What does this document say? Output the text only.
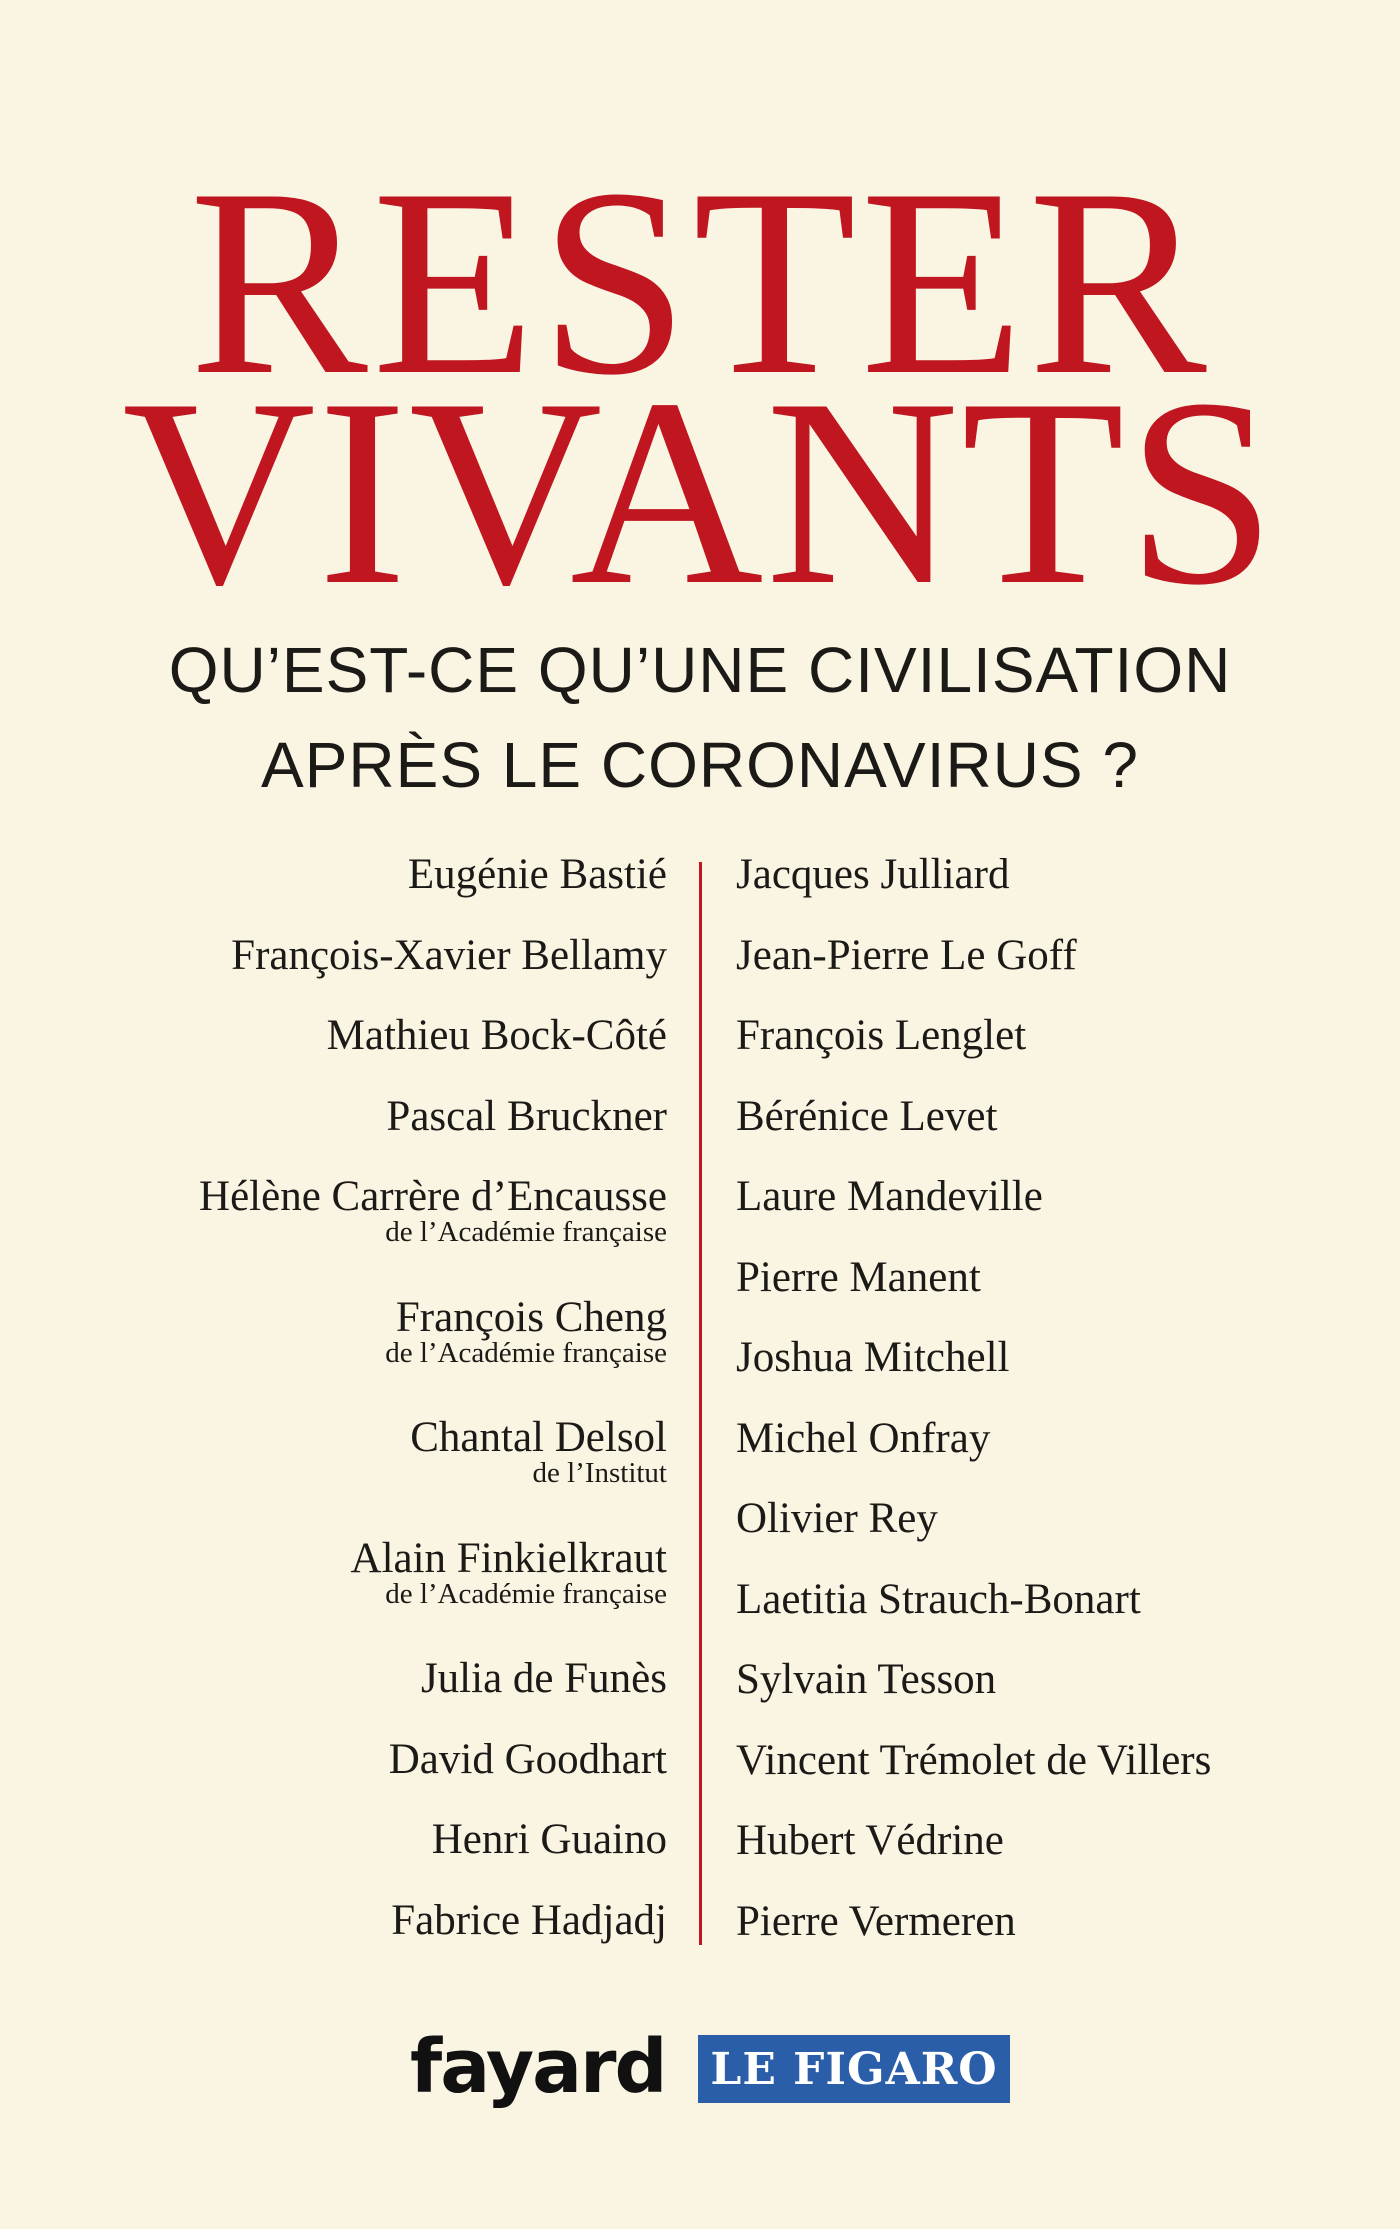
RESTER
VIVANTS
QU’EST-CE QU’UNE CIVILISATION
APRÈS LE CORONAVIRUS ?
Eugénie Bastié
François-Xavier Bellamy
Mathieu Bock-Côté
Pascal Bruckner
Hélène Carrère d’Encausse
de l’Académie française
François Cheng
de l’Académie française
Chantal Delsol
de l’Institut
Alain Finkielkraut
de l’Académie française
Julia de Funès
David Goodhart
Henri Guaino
Fabrice Hadjadj
Jacques Julliard
Jean-Pierre Le Goff
François Lenglet
Bérénice Levet
Laure Mandeville
Pierre Manent
Joshua Mitchell
Michel Onfray
Olivier Rey
Laetitia Strauch-Bonart
Sylvain Tesson
Vincent Trémolet de Villers
Hubert Védrine
Pierre Vermeren
fayard LE FIGARO
